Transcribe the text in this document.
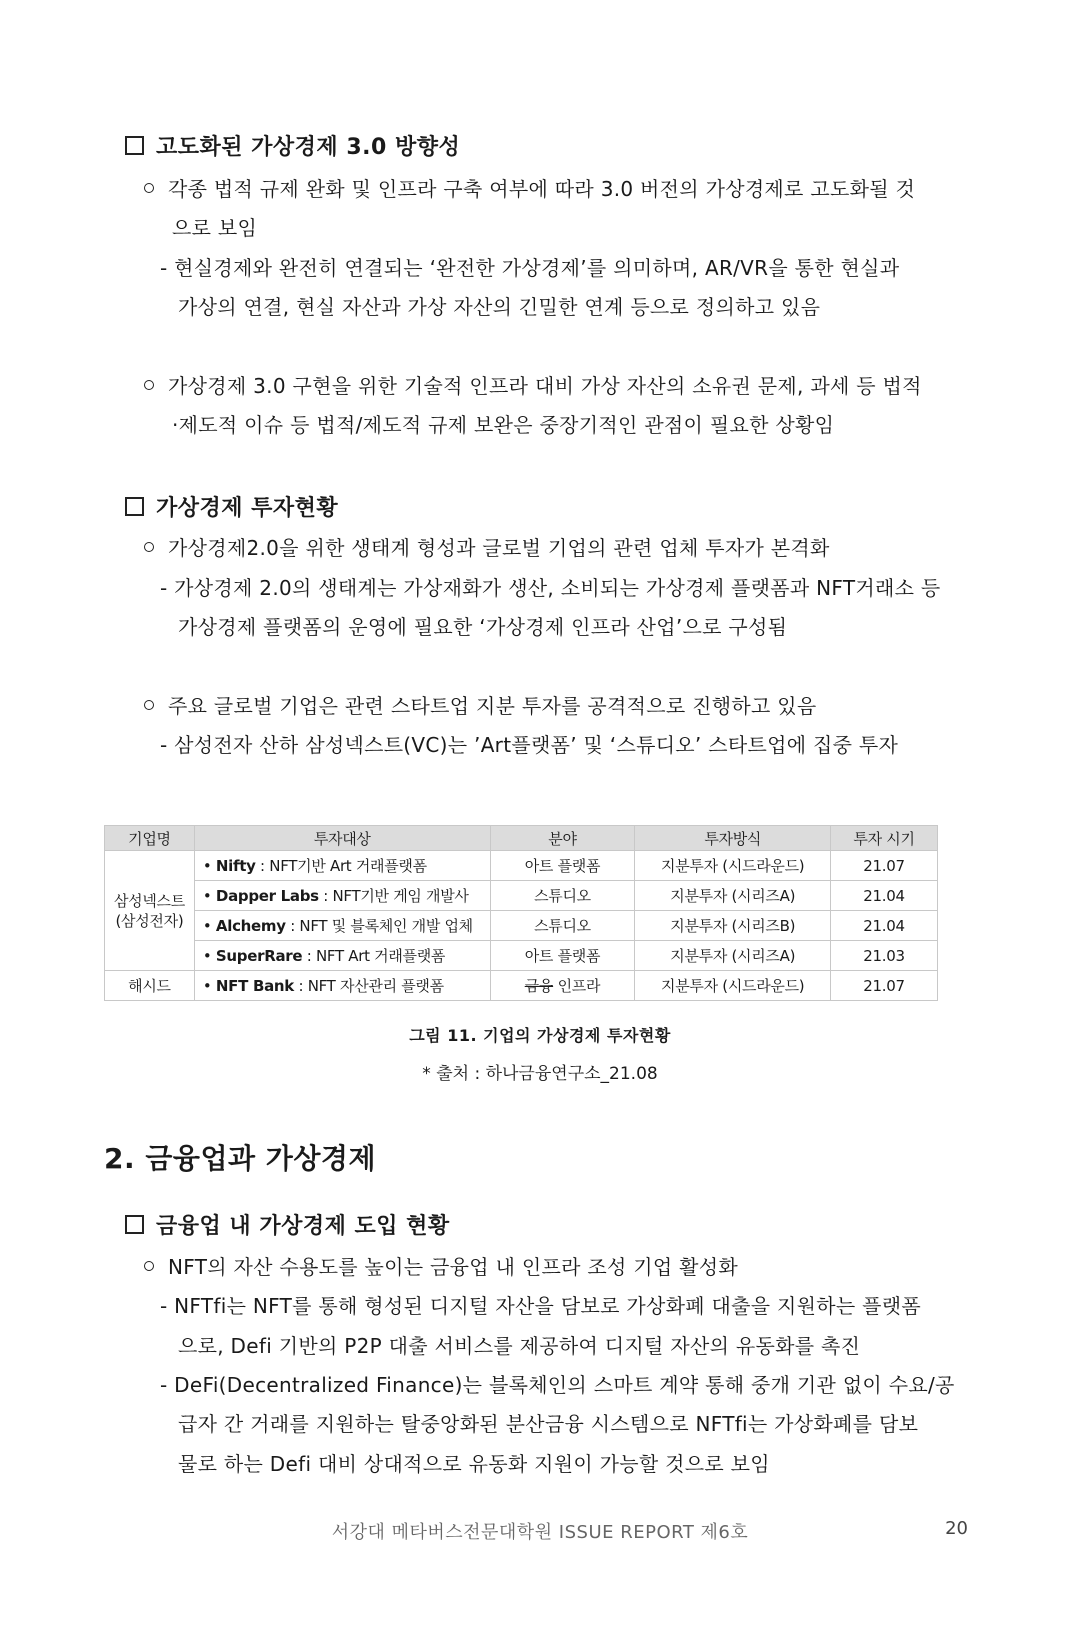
고도화된 가상경제 3.0 방향성
각종 법적 규제 완화 및 인프라 구축 여부에 따라 3.0 버전의 가상경제로 고도화될 것
으로 보임
- 현실경제와 완전히 연결되는 ‘완전한 가상경제’를 의미하며, AR/VR을 통한 현실과
가상의 연결, 현실 자산과 가상 자산의 긴밀한 연계 등으로 정의하고 있음
가상경제 3.0 구현을 위한 기술적 인프라 대비 가상 자산의 소유권 문제, 과세 등 법적
·제도적 이슈 등 법적/제도적 규제 보완은 중장기적인 관점이 필요한 상황임
가상경제 투자현황
가상경제2.0을 위한 생태계 형성과 글로벌 기업의 관련 업체 투자가 본격화
- 가상경제 2.0의 생태계는 가상재화가 생산, 소비되는 가상경제 플랫폼과 NFT거래소 등
가상경제 플랫폼의 운영에 필요한 ‘가상경제 인프라 산업’으로 구성됨
주요 글로벌 기업은 관련 스타트업 지분 투자를 공격적으로 진행하고 있음
- 삼성전자 산하 삼성넥스트(VC)는 ’Art플랫폼’ 및 ‘스튜디오’ 스타트업에 집중 투자
기업명	투자대상	분야	투자방식	투자 시기
삼성넥스트
(삼성전자)	• Nifty : NFT기반 Art 거래플랫폼	아트 플랫폼	지분투자 (시드라운드)	21.07
	• Dapper Labs : NFT기반 게임 개발사	스튜디오	지분투자 (시리즈A)	21.04
	• Alchemy : NFT 및 블록체인 개발 업체	스튜디오	지분투자 (시리즈B)	21.04
	• SuperRare : NFT Art 거래플랫폼	아트 플랫폼	지분투자 (시리즈A)	21.03
해시드	• NFT Bank : NFT 자산관리 플랫폼	금융 인프라	지분투자 (시드라운드)	21.07
그림 11. 기업의 가상경제 투자현황
* 출처 : 하나금융연구소_21.08
2. 금융업과 가상경제
금융업 내 가상경제 도입 현황
NFT의 자산 수용도를 높이는 금융업 내 인프라 조성 기업 활성화
- NFTfi는 NFT를 통해 형성된 디지털 자산을 담보로 가상화폐 대출을 지원하는 플랫폼
으로, Defi 기반의 P2P 대출 서비스를 제공하여 디지털 자산의 유동화를 촉진
- DeFi(Decentralized Finance)는 블록체인의 스마트 계약 통해 중개 기관 없이 수요/공
급자 간 거래를 지원하는 탈중앙화된 분산금융 시스템으로 NFTfi는 가상화폐를 담보
물로 하는 Defi 대비 상대적으로 유동화 지원이 가능할 것으로 보임
서강대 메타버스전문대학원 ISSUE REPORT 제6호	20
